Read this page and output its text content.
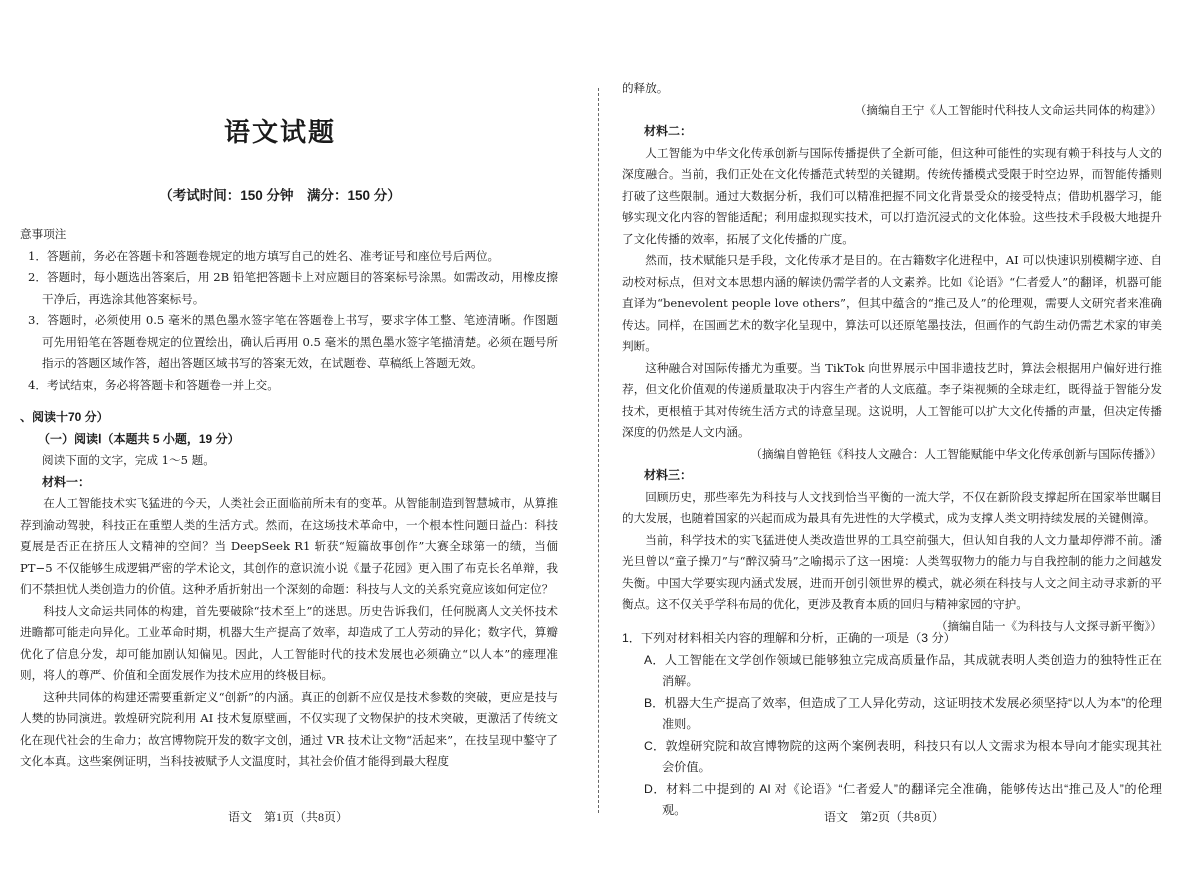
语文试题
（考试时间：150 分钟　满分：150 分）

意事项注

1．答题前，务必在答题卡和答题卷规定的地方填写自己的姓名、准考证号和座位号后两位。
2．答题时，每小题选出答案后，用 2B 铅笔把答题卡上对应题目的答案标号涂黑。如需改动，用橡皮擦干净后，再选涂其他答案标号。
3．答题时，必须使用 0.5 毫米的黑色墨水签字笔在答题卷上书写，要求字体工整、笔迹清晰。作图题可先用铅笔在答题卷规定的位置绘出，确认后再用 0.5 毫米的黑色墨水签字笔描清楚。必须在题号所指示的答题区域作答，超出答题区域书写的答案无效，在试题卷、草稿纸上答题无效。
4．考试结束，务必将答题卡和答题卷一并上交。

、阅读十70 分）

（一）阅读Ⅰ（本题共 5 小题，19 分）

阅读下面的文字，完成 1～5 题。

材料一：

在人工智能技术实飞猛进的今天，人类社会正面临前所未有的变革。从智能制造到智慧城市，从算推荐到渝动驾驶，科技正在重塑人类的生活方式。然而，在这场技术革命中，一个根本性问题日益凸：科技夏展是否正在挤压人文精神的空间？当 DeepSeek R1 斩获“短篇故事创作”大赛全球第一的绩，当偭PT−5 不仅能够生成逻辑严密的学术论文，其创作的意识流小说《量子花园》更入围了布克长名单辩，我们不禁担忧人类创造力的价值。这种矛盾折射出一个深刻的命题：科技与人文的关系究竟应该如何定位？

科技人文命运共同体的构建，首先要破除“技术至上”的迷思。历史告诉我们，任何脱离人文关怀技术进瞻都可能走向异化。工业革命时期，机器大生产提高了效率，却造成了工人劳动的异化；数字代，算瓣优化了信息分发，却可能加剧认知偏见。因此，人工智能时代的技术发展也必须确立“以人本”的瘗理准则，将人的尊严、价值和全面发展作为技术应用的终极目标。

这种共同体的构建还需要重新定义“创新”的内涵。真正的创新不应仅是技术参数的突破，更应是技与人樊的协同演进。敦煌研究院利用 AI 技术复原壁画，不仅实现了文物保护的技术突破，更激活了传统文化在现代社会的生命力；故宫博物院开发的数字文创，通过 VR 技术让文物“活起来”，在技呈现中鏊守了文化本真。这些案例证明，当科技被赋予人文温度时，其社会价值才能得到最大程度

语文　第1页（共8页）

的释放。

（摘编自王宁《人工智能时代科技人文命运共同体的构建》）

材料二：

人工智能为中华文化传承创新与国际传播提供了全新可能，但这种可能性的实现有赖于科技与人文的深度融合。当前，我们正处在文化传播范式转型的关键期。传统传播模式受限于时空边界，而智能传播则打破了这些限制。通过大数据分析，我们可以精准把握不同文化背景受众的接受特点；借助机器学习，能够实现文化内容的智能适配；利用虚拟现实技术，可以打造沉浸式的文化体验。这些技术手段极大地提升了文化传播的效率，拓展了文化传播的广度。

然而，技术赋能只是手段，文化传承才是目的。在古籍数字化进程中，AI 可以快速识别模糊字迹、自动校对标点，但对文本思想内涵的解读仍需学者的人文素养。比如《论语》“仁者爱人”的翻译，机器可能直译为“benevolent people love others”，但其中蕴含的“推己及人”的伦理观，需要人文研究者来准确传达。同样，在国画艺术的数字化呈现中，算法可以还原笔墨技法，但画作的气韵生动仍需艺术家的审美判断。

这种融合对国际传播尤为重要。当 TikTok 向世界展示中国非遗技艺时，算法会根据用户偏好进行推荐，但文化价值观的传递质量取决于内容生产者的人文底蕴。李子柒视频的全球走红，既得益于智能分发技术，更根植于其对传统生活方式的诗意呈现。这说明，人工智能可以扩大文化传播的声量，但决定传播深度的仍然是人文内涵。

（摘编自曾艳钰《科技人文融合：人工智能赋能中华文化传承创新与国际传播》）

材料三：

回顾历史，那些率先为科技与人文找到恰当平衡的一流大学，不仅在新阶段支撑起所在国家举世瞩目的大发展，也随着国家的兴起而成为最具有先进性的大学模式，成为支撑人类文明持续发展的关键侧漳。

当前，科学技术的实飞猛进使人类改造世界的工具空前强大，但认知自我的人文力量却停滞不前。潘光旦曾以“童子操刀”与“醉汉骑马”之喻揭示了这一困境：人类驾驭物力的能力与自我控制的能力之间越发失衡。中国大学要实现内涵式发展，进而开创引领世界的模式，就必须在科技与人文之间主动寻求新的平衡点。这不仅关乎学科布局的优化，更涉及教育本质的回归与精神家园的守护。

（摘编自陆一《为科技与人文探寻新平衡》）

1．下列对材料相关内容的理解和分析，正确的一项是（3 分）
A．人工智能在文学创作领域已能够独立完成高质量作品，其成就表明人类创造力的独特性正在消解。
B．机器大生产提高了效率，但造成了工人异化劳动，这证明技术发展必须坚持“以人为本”的伦理准则。
C．敦煌研究院和故宫博物院的这两个案例表明，科技只有以人文需求为根本导向才能实现其社会价值。
D．材料二中提到的 AI 对《论语》“仁者爱人”的翻译完全准确，能够传达出“推己及人”的伦理观。	语文　第2页（共8页）
